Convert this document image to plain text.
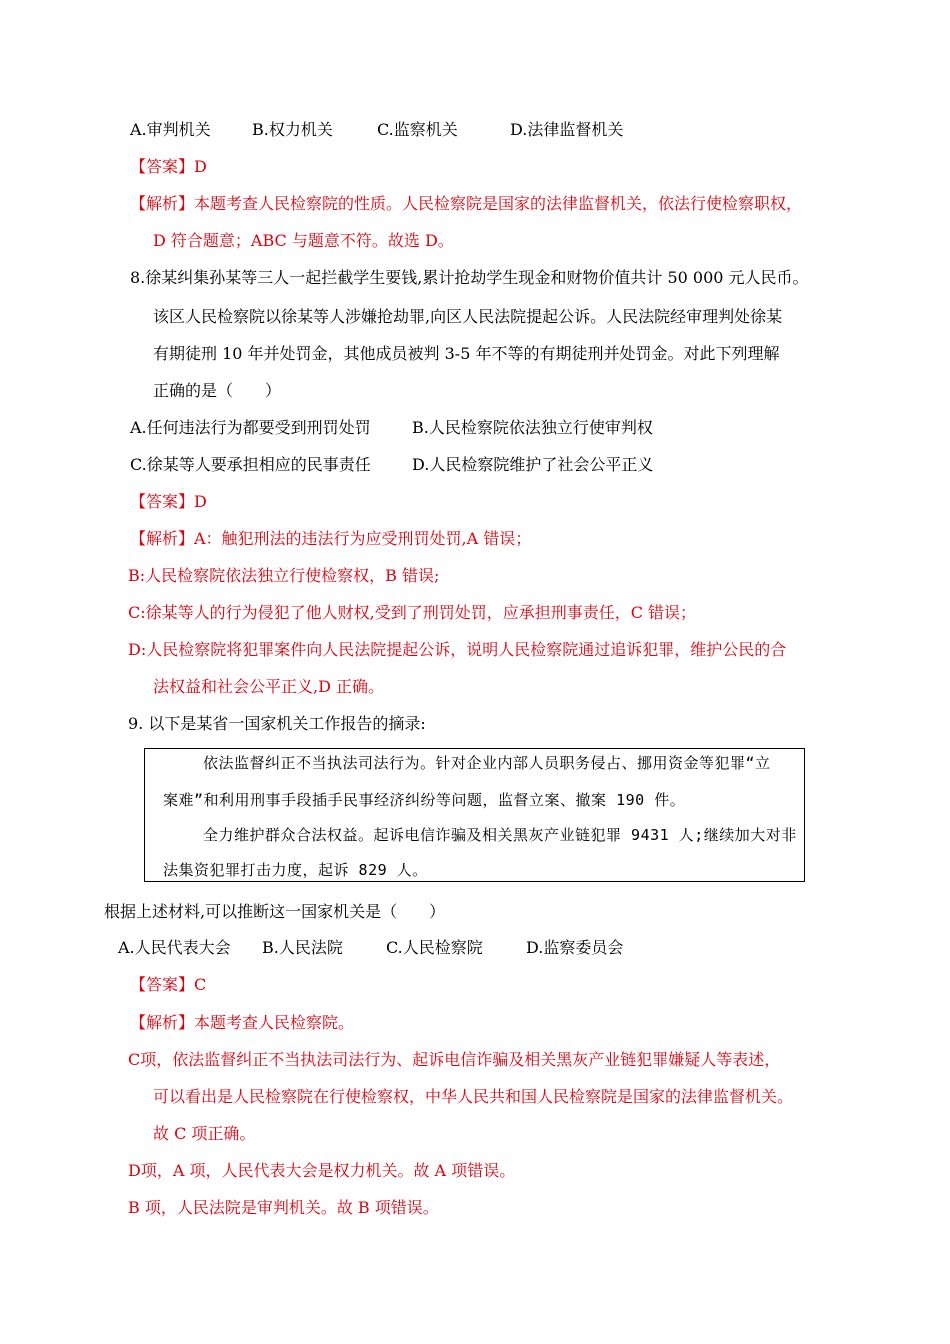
A.审判机关	B.权力机关	C.监察机关	D.法律监督机关
【答案】D
【解析】本题考查人民检察院的性质。人民检察院是国家的法律监督机关，依法行使检察职权，
D 符合题意；ABC 与题意不符。故选 D。
8.徐某纠集孙某等三人一起拦截学生要钱,累计抢劫学生现金和财物价值共计 50 000 元人民币。
该区人民检察院以徐某等人涉嫌抢劫罪,向区人民法院提起公诉。人民法院经审理判处徐某
有期徒刑 10 年并处罚金，其他成员被判 3-5 年不等的有期徒刑并处罚金。对此下列理解
正确的是（　　）
A.任何违法行为都要受到刑罚处罚	B.人民检察院依法独立行使审判权
C.徐某等人要承担相应的民事责任	D.人民检察院维护了社会公平正义
【答案】D
【解析】A：触犯刑法的违法行为应受刑罚处罚,A 错误；
B:人民检察院依法独立行使检察权，B 错误;
C:徐某等人的行为侵犯了他人财权,受到了刑罚处罚，应承担刑事责任，C 错误；
D:人民检察院将犯罪案件向人民法院提起公诉，说明人民检察院通过追诉犯罪，维护公民的合
法权益和社会公平正义,D 正确。
9. 以下是某省一国家机关工作报告的摘录:
依法监督纠正不当执法司法行为。针对企业内部人员职务侵占、挪用资金等犯罪“立
案难”和利用刑事手段插手民事经济纠纷等问题，监督立案、撤案 190 件。
全力维护群众合法权益。起诉电信诈骗及相关黑灰产业链犯罪 9431 人;继续加大对非
法集资犯罪打击力度，起诉 829 人。
根据上述材料,可以推断这一国家机关是（　　）
A.人民代表大会 B.人民法院	C.人民检察院	D.监察委员会
【答案】C
【解析】本题考查人民检察院。
C项，依法监督纠正不当执法司法行为、起诉电信诈骗及相关黑灰产业链犯罪嫌疑人等表述，
可以看出是人民检察院在行使检察权，中华人民共和国人民检察院是国家的法律监督机关。
故 C 项正确。
D项，A 项，人民代表大会是权力机关。故 A 项错误。
B 项，人民法院是审判机关。故 B 项错误。
